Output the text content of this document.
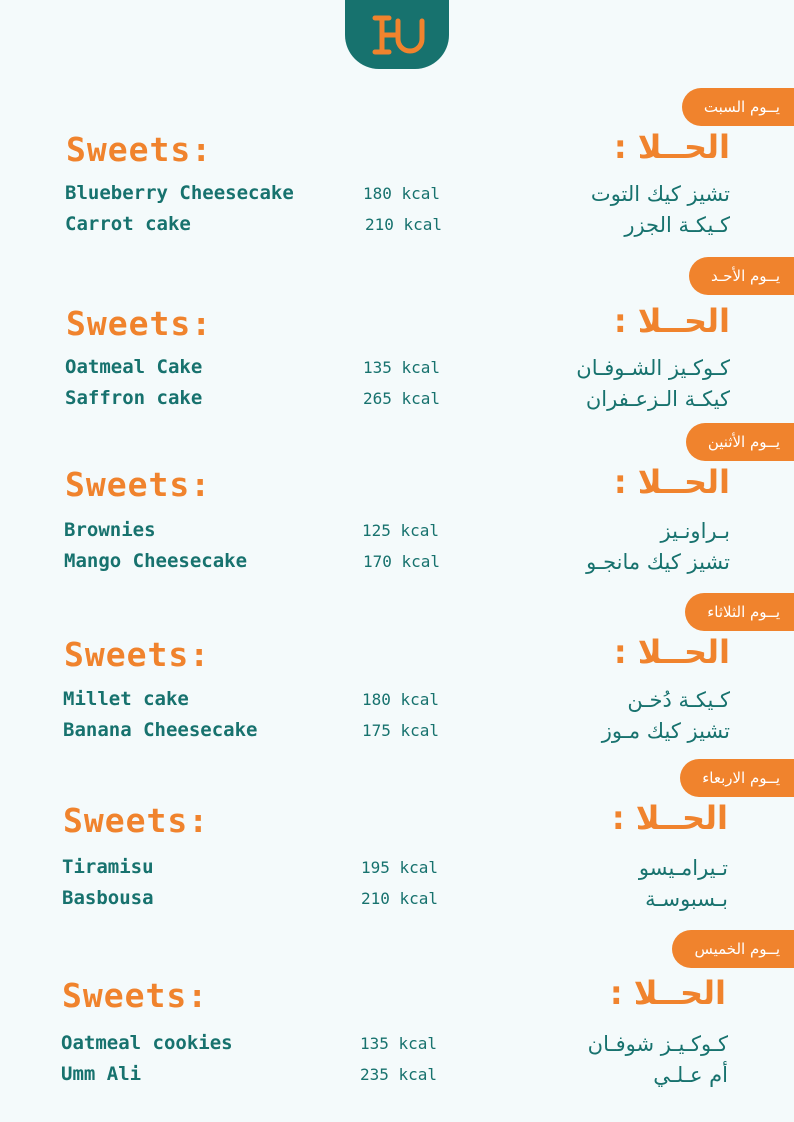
يــوم السبت
Sweets:	الحــلا :
Blueberry Cheesecake	180 kcal	تشيز كيك التوت
Carrot cake	210 kcal	كـيكـة الجزر
يــوم الأحـد
Sweets:	الحــلا :
Oatmeal Cake	135 kcal	كـوكـيز الشـوفـان
Saffron cake	265 kcal	كيكـة الـزعـفران
يــوم الأثنين
Sweets:	الحــلا :
Brownies	125 kcal	بـراونـيز
Mango Cheesecake	170 kcal	تشيز كيك مانجـو
يــوم الثلاثاء
Sweets:	الحــلا :
Millet cake	180 kcal	كـيكـة دُخـن
Banana Cheesecake	175 kcal	تشيز كيك مـوز
يــوم الاربعاء
Sweets:	الحــلا :
Tiramisu	195 kcal	تـيرامـيسو
Basbousa	210 kcal	بـسبوسـة
يــوم الخميس
Sweets:	الحــلا :
Oatmeal cookies	135 kcal	كـوكـيـز شوفـان
Umm Ali	235 kcal	أم عـلـي
